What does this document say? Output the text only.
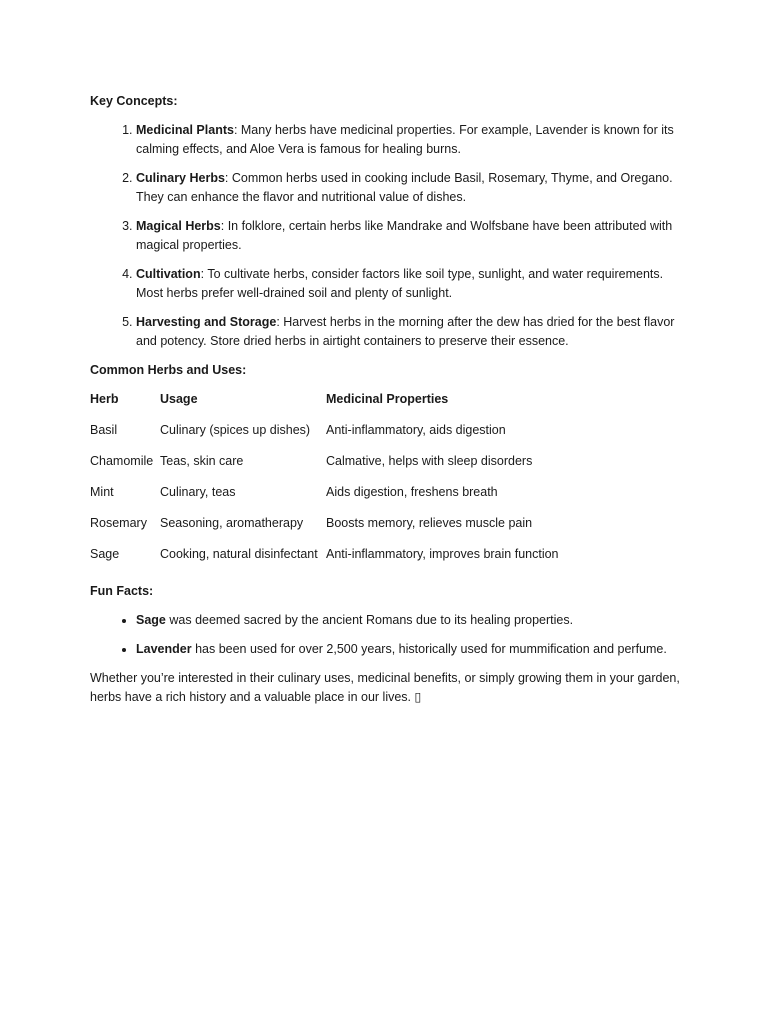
Key Concepts:
1. Medicinal Plants: Many herbs have medicinal properties. For example, Lavender is known for its calming effects, and Aloe Vera is famous for healing burns.
2. Culinary Herbs: Common herbs used in cooking include Basil, Rosemary, Thyme, and Oregano. They can enhance the flavor and nutritional value of dishes.
3. Magical Herbs: In folklore, certain herbs like Mandrake and Wolfsbane have been attributed with magical properties.
4. Cultivation: To cultivate herbs, consider factors like soil type, sunlight, and water requirements. Most herbs prefer well-drained soil and plenty of sunlight.
5. Harvesting and Storage: Harvest herbs in the morning after the dew has dried for the best flavor and potency. Store dried herbs in airtight containers to preserve their essence.
Common Herbs and Uses:
Herb	Usage	Medicinal Properties
Basil	Culinary (spices up dishes)	Anti-inflammatory, aids digestion
Chamomile	Teas, skin care	Calmative, helps with sleep disorders
Mint	Culinary, teas	Aids digestion, freshens breath
Rosemary	Seasoning, aromatherapy	Boosts memory, relieves muscle pain
Sage	Cooking, natural disinfectant	Anti-inflammatory, improves brain function
Fun Facts:
• Sage was deemed sacred by the ancient Romans due to its healing properties.
• Lavender has been used for over 2,500 years, historically used for mummification and perfume.

Whether you’re interested in their culinary uses, medicinal benefits, or simply growing them in your garden, herbs have a rich history and a valuable place in our lives. ▯
